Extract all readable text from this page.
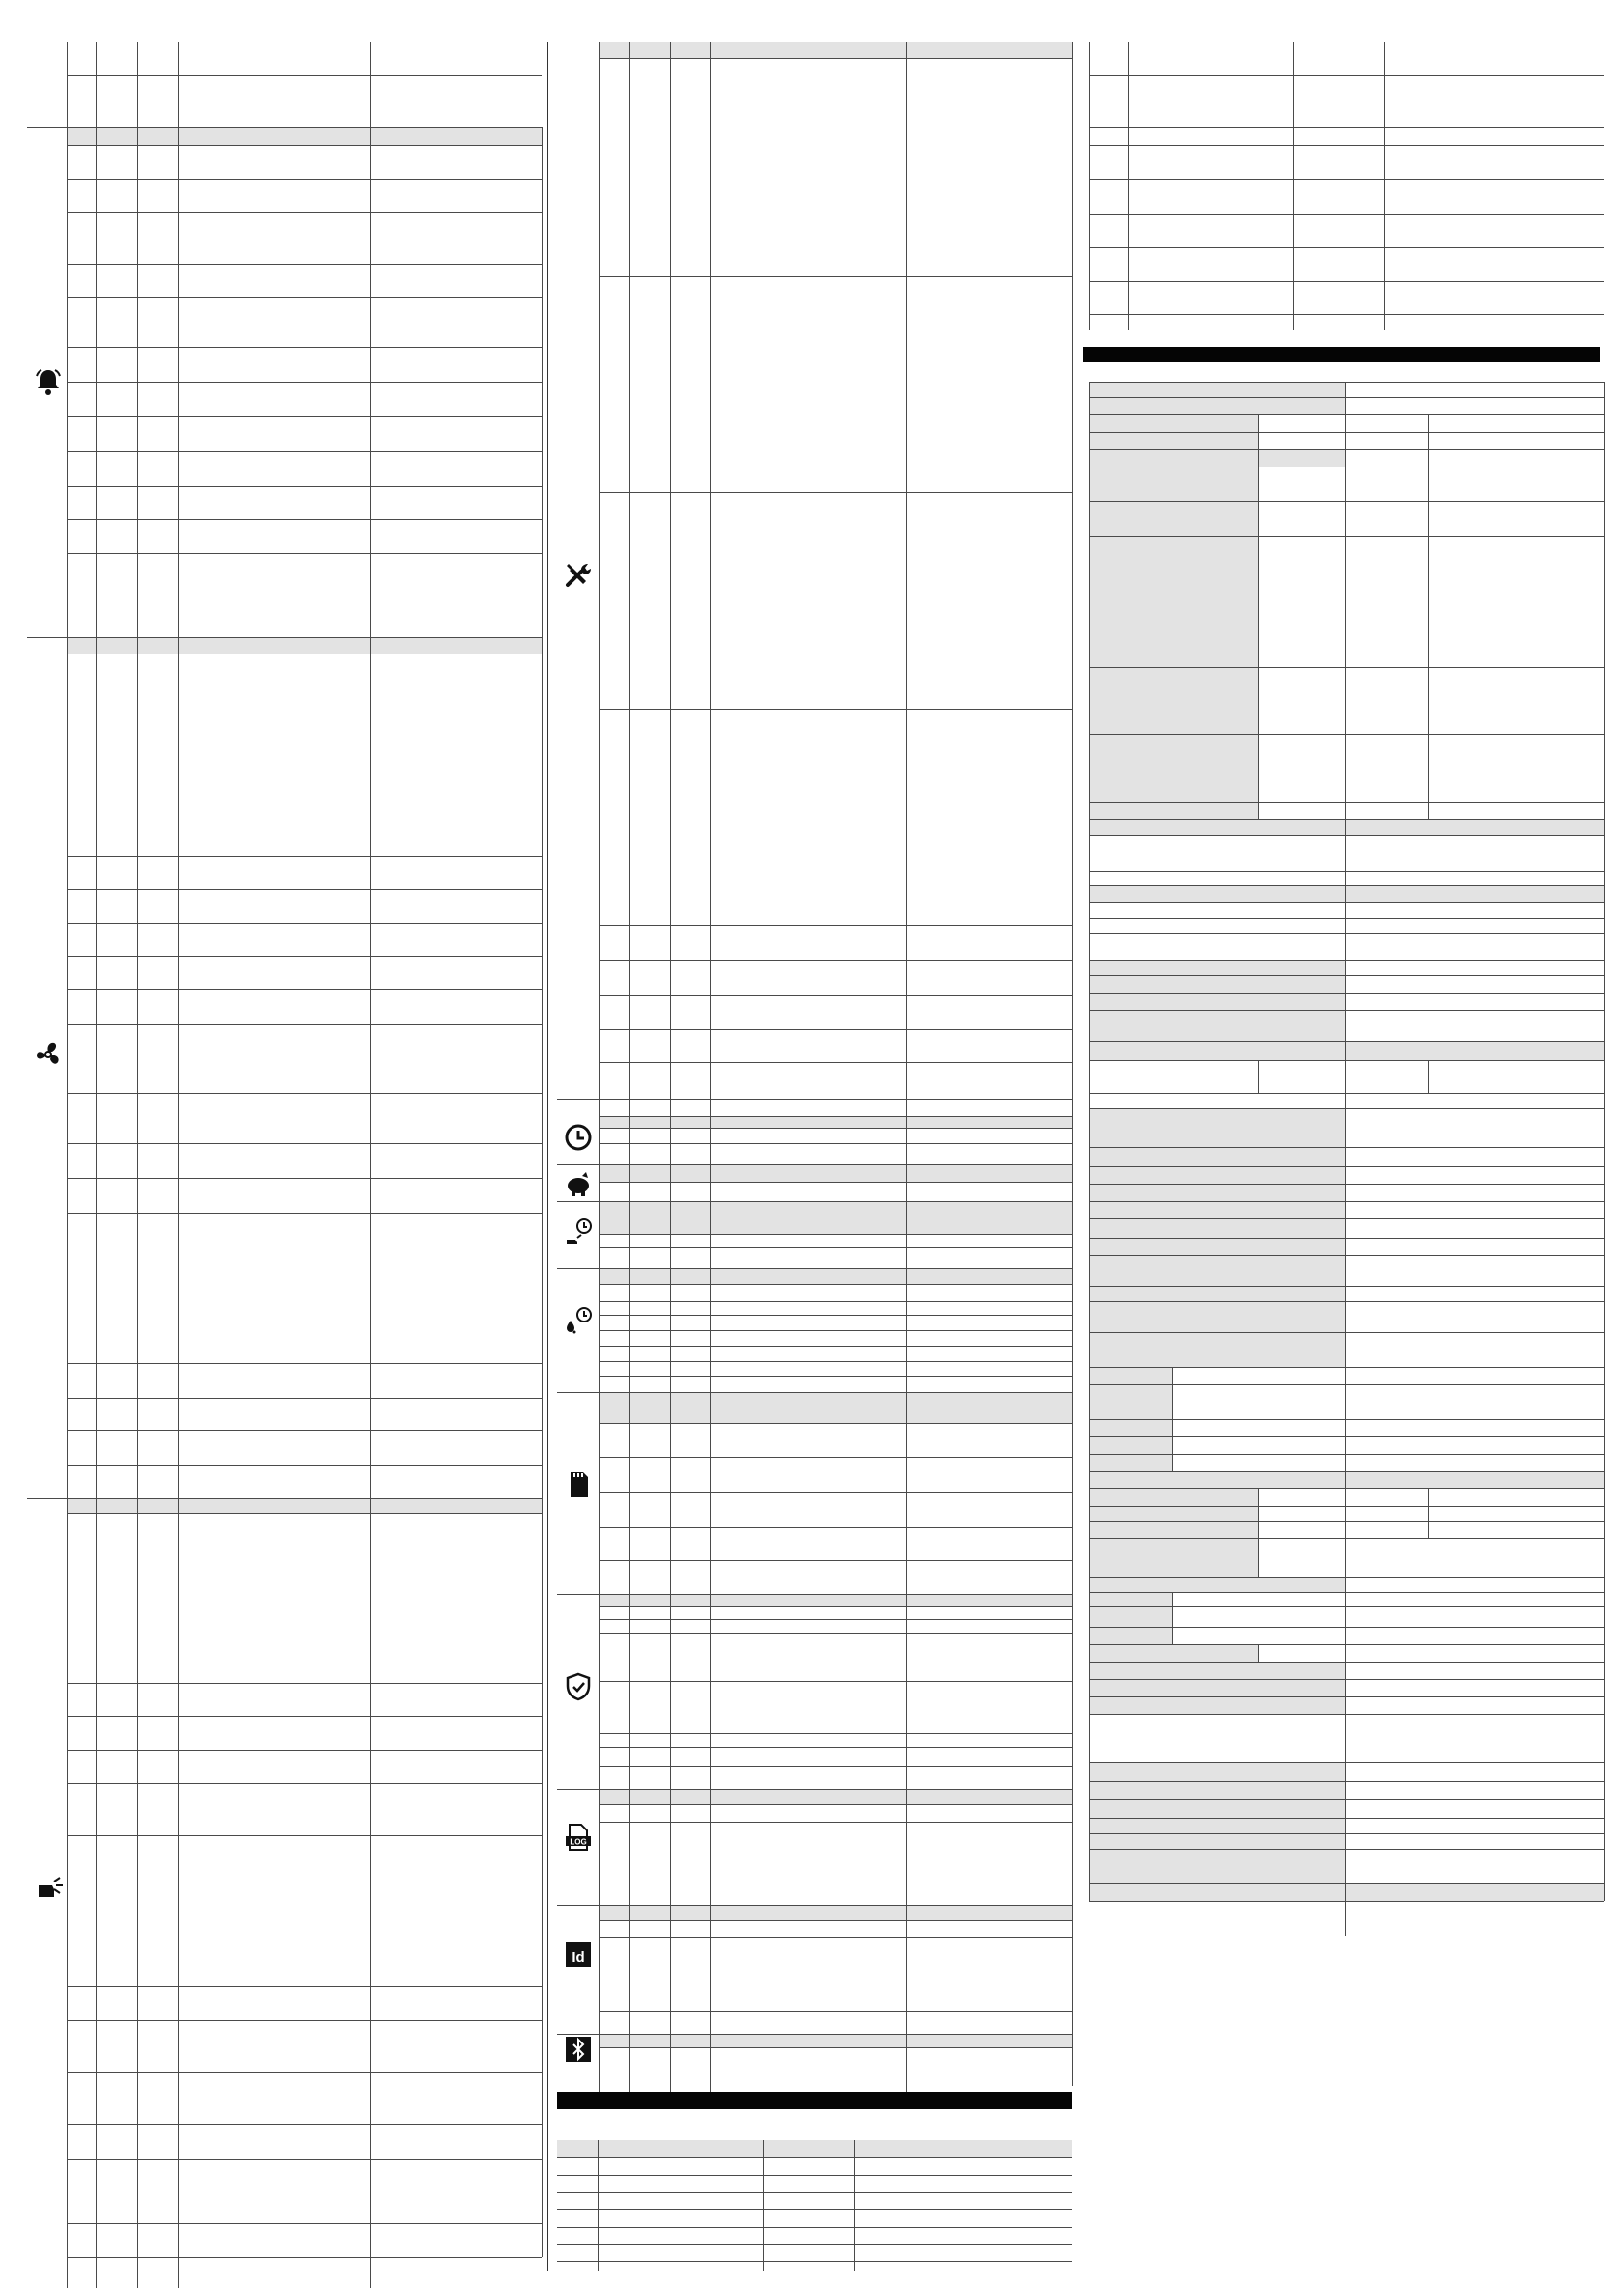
LOG
Id
